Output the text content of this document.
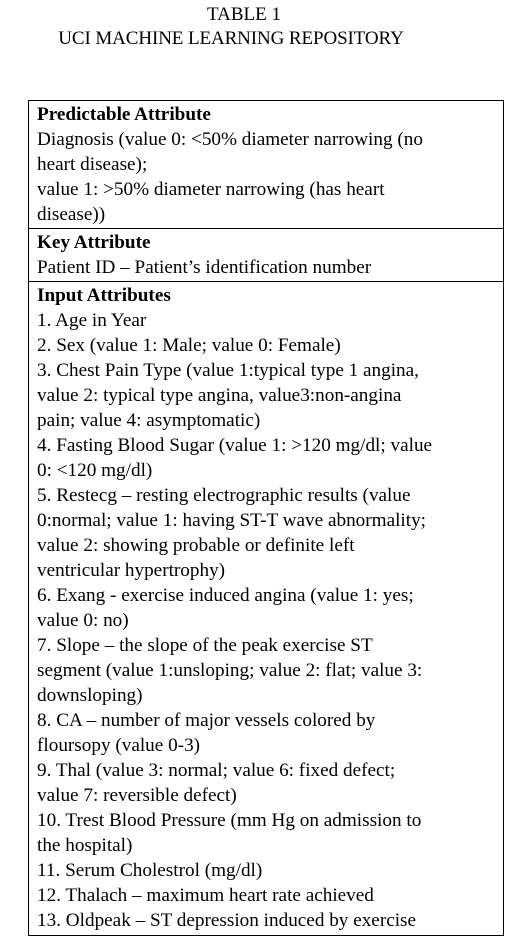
TABLE 1
UCI MACHINE LEARNING REPOSITORY
Predictable Attribute
Diagnosis (value 0: <50% diameter narrowing (no
heart disease);
value 1: >50% diameter narrowing (has heart
disease))
Key Attribute
Patient ID – Patient’s identification number
Input Attributes
1. Age in Year
2. Sex (value 1: Male; value 0: Female)
3. Chest Pain Type (value 1:typical type 1 angina,
value 2: typical type angina, value3:non-angina
pain; value 4: asymptomatic)
4. Fasting Blood Sugar (value 1: >120 mg/dl; value
0: <120 mg/dl)
5. Restecg – resting electrographic results (value
0:normal; value 1: having ST-T wave abnormality;
value 2: showing probable or definite left
ventricular hypertrophy)
6. Exang - exercise induced angina (value 1: yes;
value 0: no)
7. Slope – the slope of the peak exercise ST
segment (value 1:unsloping; value 2: flat; value 3:
downsloping)
8. CA – number of major vessels colored by
floursopy (value 0-3)
9. Thal (value 3: normal; value 6: fixed defect;
value 7: reversible defect)
10. Trest Blood Pressure (mm Hg on admission to
the hospital)
11. Serum Cholestrol (mg/dl)
12. Thalach – maximum heart rate achieved
13. Oldpeak – ST depression induced by exercise
